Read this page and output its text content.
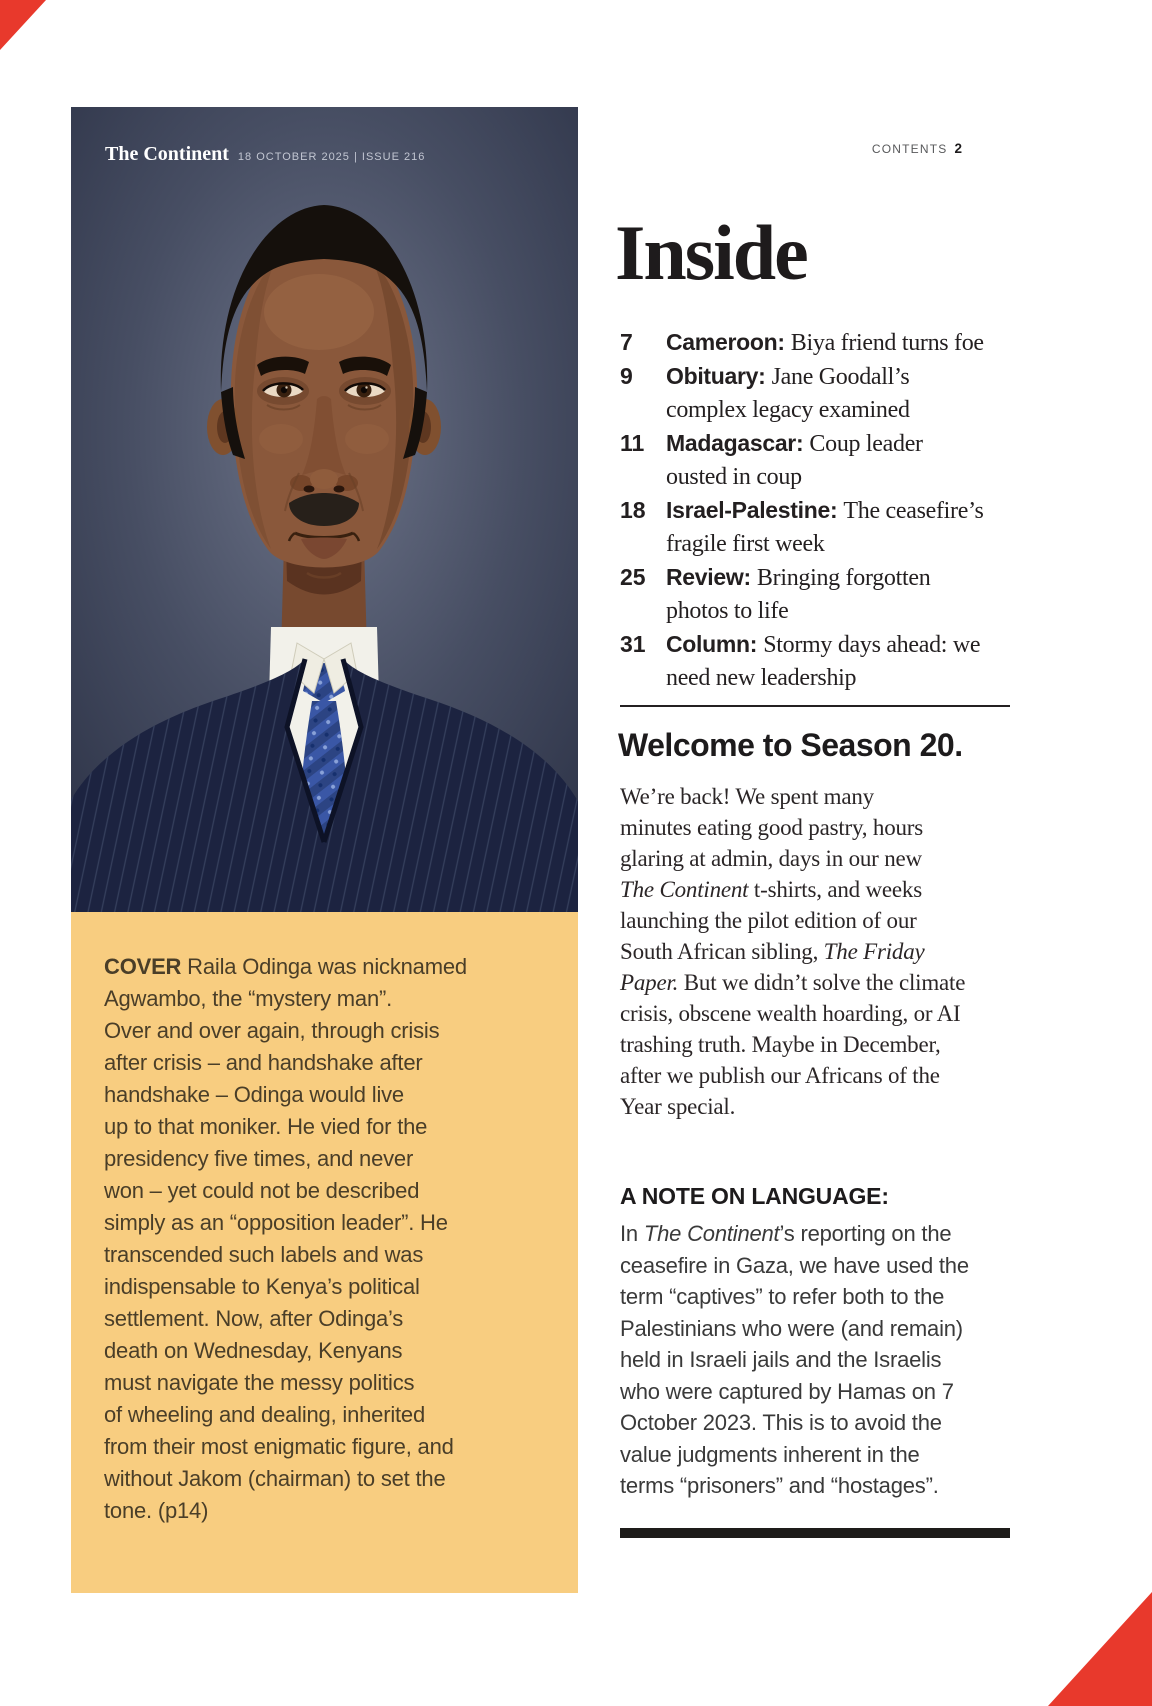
The Continent 18 OCTOBER 2025 | ISSUE 216
CONTENTS 2
COVER Raila Odinga was nicknamed
Agwambo, the “mystery man”.
Over and over again, through crisis
after crisis – and handshake after
handshake – Odinga would live
up to that moniker. He vied for the
presidency five times, and never
won – yet could not be described
simply as an “opposition leader”. He
transcended such labels and was
indispensable to Kenya’s political
settlement. Now, after Odinga’s
death on Wednesday, Kenyans
must navigate the messy politics
of wheeling and dealing, inherited
from their most enigmatic figure, and
without Jakom (chairman) to set the
tone. (p14)
Inside
7 Cameroon: Biya friend turns foe
9 Obituary: Jane Goodall’s
complex legacy examined
11 Madagascar: Coup leader
ousted in coup
18 Israel-Palestine: The ceasefire’s
fragile first week
25 Review: Bringing forgotten
photos to life
31 Column: Stormy days ahead: we
need new leadership
Welcome to Season 20.
We’re back! We spent many
minutes eating good pastry, hours
glaring at admin, days in our new
The Continent t-shirts, and weeks
launching the pilot edition of our
South African sibling, The Friday
Paper. But we didn’t solve the climate
crisis, obscene wealth hoarding, or AI
trashing truth. Maybe in December,
after we publish our Africans of the
Year special.
A NOTE ON LANGUAGE:
In The Continent’s reporting on the
ceasefire in Gaza, we have used the
term “captives” to refer both to the
Palestinians who were (and remain)
held in Israeli jails and the Israelis
who were captured by Hamas on 7
October 2023. This is to avoid the
value judgments inherent in the
terms “prisoners” and “hostages”.
